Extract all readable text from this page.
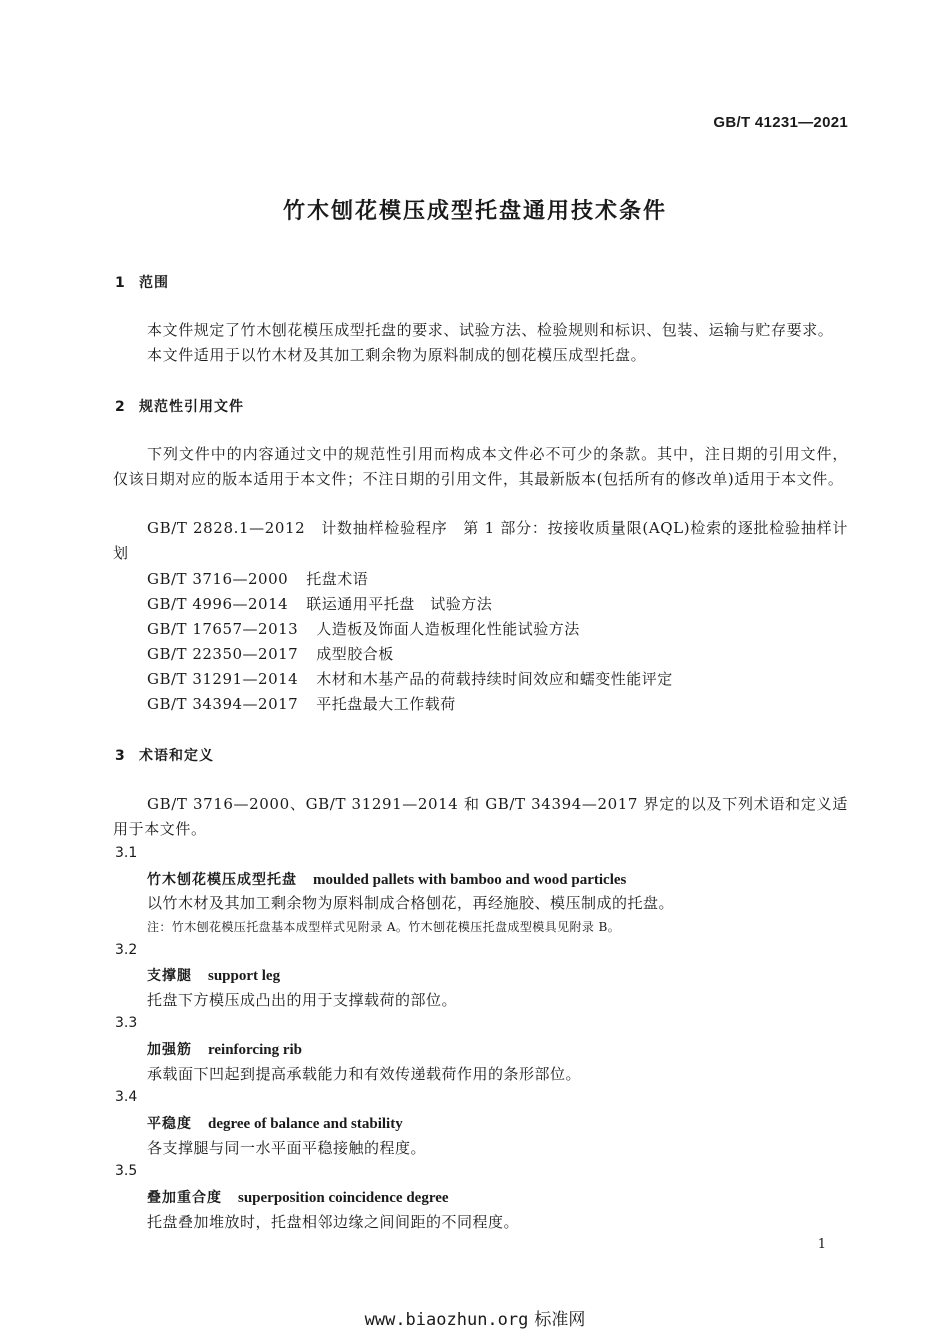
GB/T 41231—2021
竹木刨花模压成型托盘通用技术条件
1 范围

本文件规定了竹木刨花模压成型托盘的要求、试验方法、检验规则和标识、包装、运输与贮存要求。

本文件适用于以竹木材及其加工剩余物为原料制成的刨花模压成型托盘。

2 规范性引用文件

下列文件中的内容通过文中的规范性引用而构成本文件必不可少的条款。其中，注日期的引用文件，仅该日期对应的版本适用于本文件；不注日期的引用文件，其最新版本(包括所有的修改单)适用于本文件。

GB/T 2828.1—2012　计数抽样检验程序　第 1 部分：按接收质量限(AQL)检索的逐批检验抽样计划

GB/T 3716—2000 托盘术语
GB/T 4996—2014 联运通用平托盘　试验方法
GB/T 17657—2013 人造板及饰面人造板理化性能试验方法
GB/T 22350—2017 成型胶合板
GB/T 31291—2014 木材和木基产品的荷载持续时间效应和蠕变性能评定
GB/T 34394—2017 平托盘最大工作载荷
3 术语和定义

GB/T 3716—2000、GB/T 31291—2014 和 GB/T 34394—2017 界定的以及下列术语和定义适用于本文件。

3.1
竹木刨花模压成型托盘 moulded pallets with bamboo and wood particles
以竹木材及其加工剩余物为原料制成合格刨花，再经施胶、模压制成的托盘。
注：竹木刨花模压托盘基本成型样式见附录 A。竹木刨花模压托盘成型模具见附录 B。
3.2
支撑腿 support leg
托盘下方模压成凸出的用于支撑载荷的部位。
3.3
加强筋 reinforcing rib
承载面下凹起到提高承载能力和有效传递载荷作用的条形部位。
3.4
平稳度 degree of balance and stability
各支撑腿与同一水平面平稳接触的程度。
3.5
叠加重合度 superposition coincidence degree
托盘叠加堆放时，托盘相邻边缘之间间距的不同程度。
1
www.biaozhun.org 标准网
